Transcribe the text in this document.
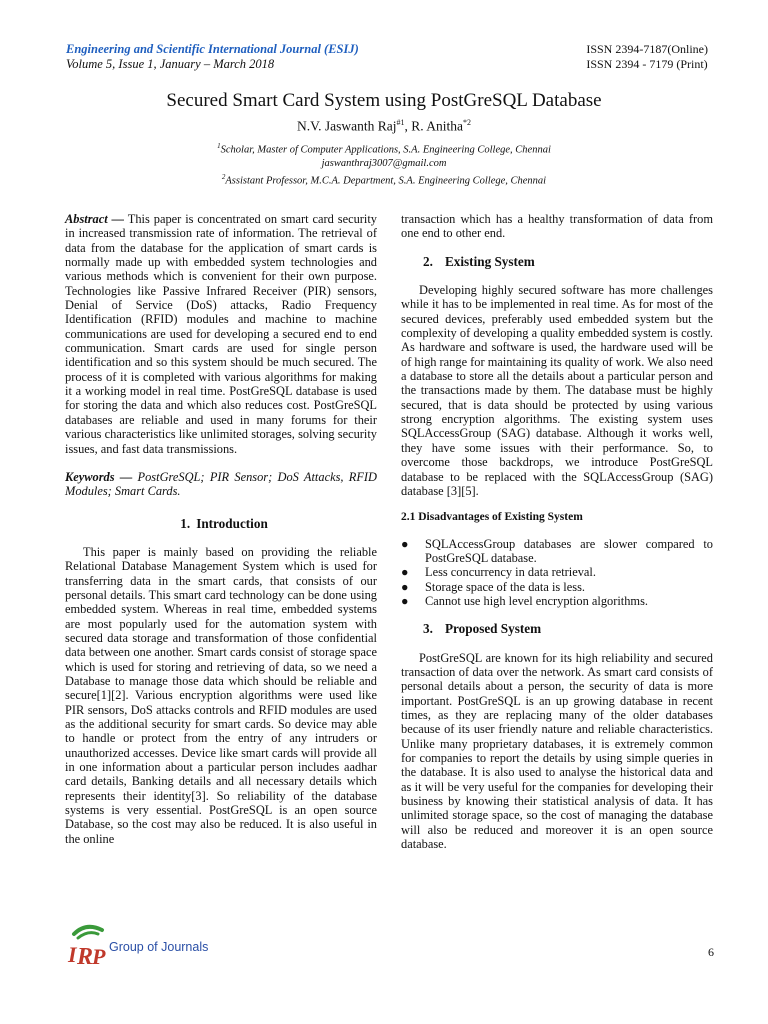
Engineering and Scientific International Journal (ESIJ)
Volume 5, Issue 1, January – March 2018
ISSN 2394-7187(Online)
ISSN 2394 - 7179 (Print)
Secured Smart Card System using PostGreSQL Database
N.V. Jaswanth Raj$^{\#1}$, R. Anitha$^{*2}$
$^1$Scholar, Master of Computer Applications, S.A. Engineering College, Chennai
jaswanthraj3007@gmail.com
$^2$Assistant Professor, M.C.A. Department, S.A. Engineering College, Chennai

Abstract — This paper is concentrated on smart card security in increased transmission rate of information. The retrieval of data from the database for the application of smart cards is normally made up with embedded system technologies and various methods which is convenient for their own purpose. Technologies like Passive Infrared Receiver (PIR) sensors, Denial of Service (DoS) attacks, Radio Frequency Identification (RFID) modules and machine to machine communications are used for developing a secured end to end communication. Smart cards are used for single person identification and so this system should be much secured. The process of it is completed with various algorithms for making it a working model in real time. PostGreSQL database is used for storing the data and which also reduces cost. PostGreSQL databases are reliable and used in many forums for their various characteristics like unlimited storages, solving security issues, and fast data transmissions.

Keywords — PostGreSQL; PIR Sensor; DoS Attacks, RFID Modules; Smart Cards.

1. Introduction

This paper is mainly based on providing the reliable Relational Database Management System which is used for transferring data in the smart cards, that consists of our personal details. This smart card technology can be done using embedded system. Whereas in real time, embedded systems are most popularly used for the automation system with secured data storage and transformation of those confidential data between one another. Smart cards consist of storage space which is used for storing and retrieving of data, so we need a Database to manage those data which should be reliable and secure[1][2]. Various encryption algorithms were used like PIR sensors, DoS attacks controls and RFID modules are used as the additional security for smart cards. So device may able to handle or protect from the entry of any intruders or unauthorized accesses. Device like smart cards will provide all in one information about a particular person includes aadhar card details, Banking details and all necessary details which represents their identity[3]. So reliability of the database systems is very essential. PostGreSQL is an open source Database, so the cost may also be reduced. It is also useful in the online

transaction which has a healthy transformation of data from one end to other end.

2. Existing System

Developing highly secured software has more challenges while it has to be implemented in real time. As for most of the secured devices, preferably used embedded system but the complexity of developing a quality embedded system is costly. As hardware and software is used, the hardware used will be of high range for maintaining its quality of work. We also need a database to store all the details about a particular person and the transactions made by them. The database must be highly secured, that is data should be protected by using various strong encryption algorithms. The existing system uses SQLAccessGroup (SAG) database. Although it works well, they have some issues with their performance. So, to overcome those backdrops, we introduce PostGreSQL database to be replaced with the SQLAccessGroup (SAG) database [3][5].

2.1 Disadvantages of Existing System
● SQLAccessGroup databases are slower compared to PostGreSQL database.
● Less concurrency in data retrieval.
● Storage space of the data is less.
● Cannot use high level encryption algorithms.
3. Proposed System

PostGreSQL are known for its high reliability and secured transaction of data over the network. As smart card consists of personal details about a person, the security of data is more important. PostGreSQL is an up growing database in recent times, as they are replacing many of the older databases because of its user friendly nature and reliable characteristics. Unlike many proprietary databases, it is extremely common for companies to report the details by using simple queries in the database. It is also used to analyse the historical data and as it will be very useful for the companies for developing their business by knowing their statistical analysis of data. It has unlimited storage space, so the cost of managing the database will also be reduced and moreover it is an open source database.

I R
P Group of Journals	6
